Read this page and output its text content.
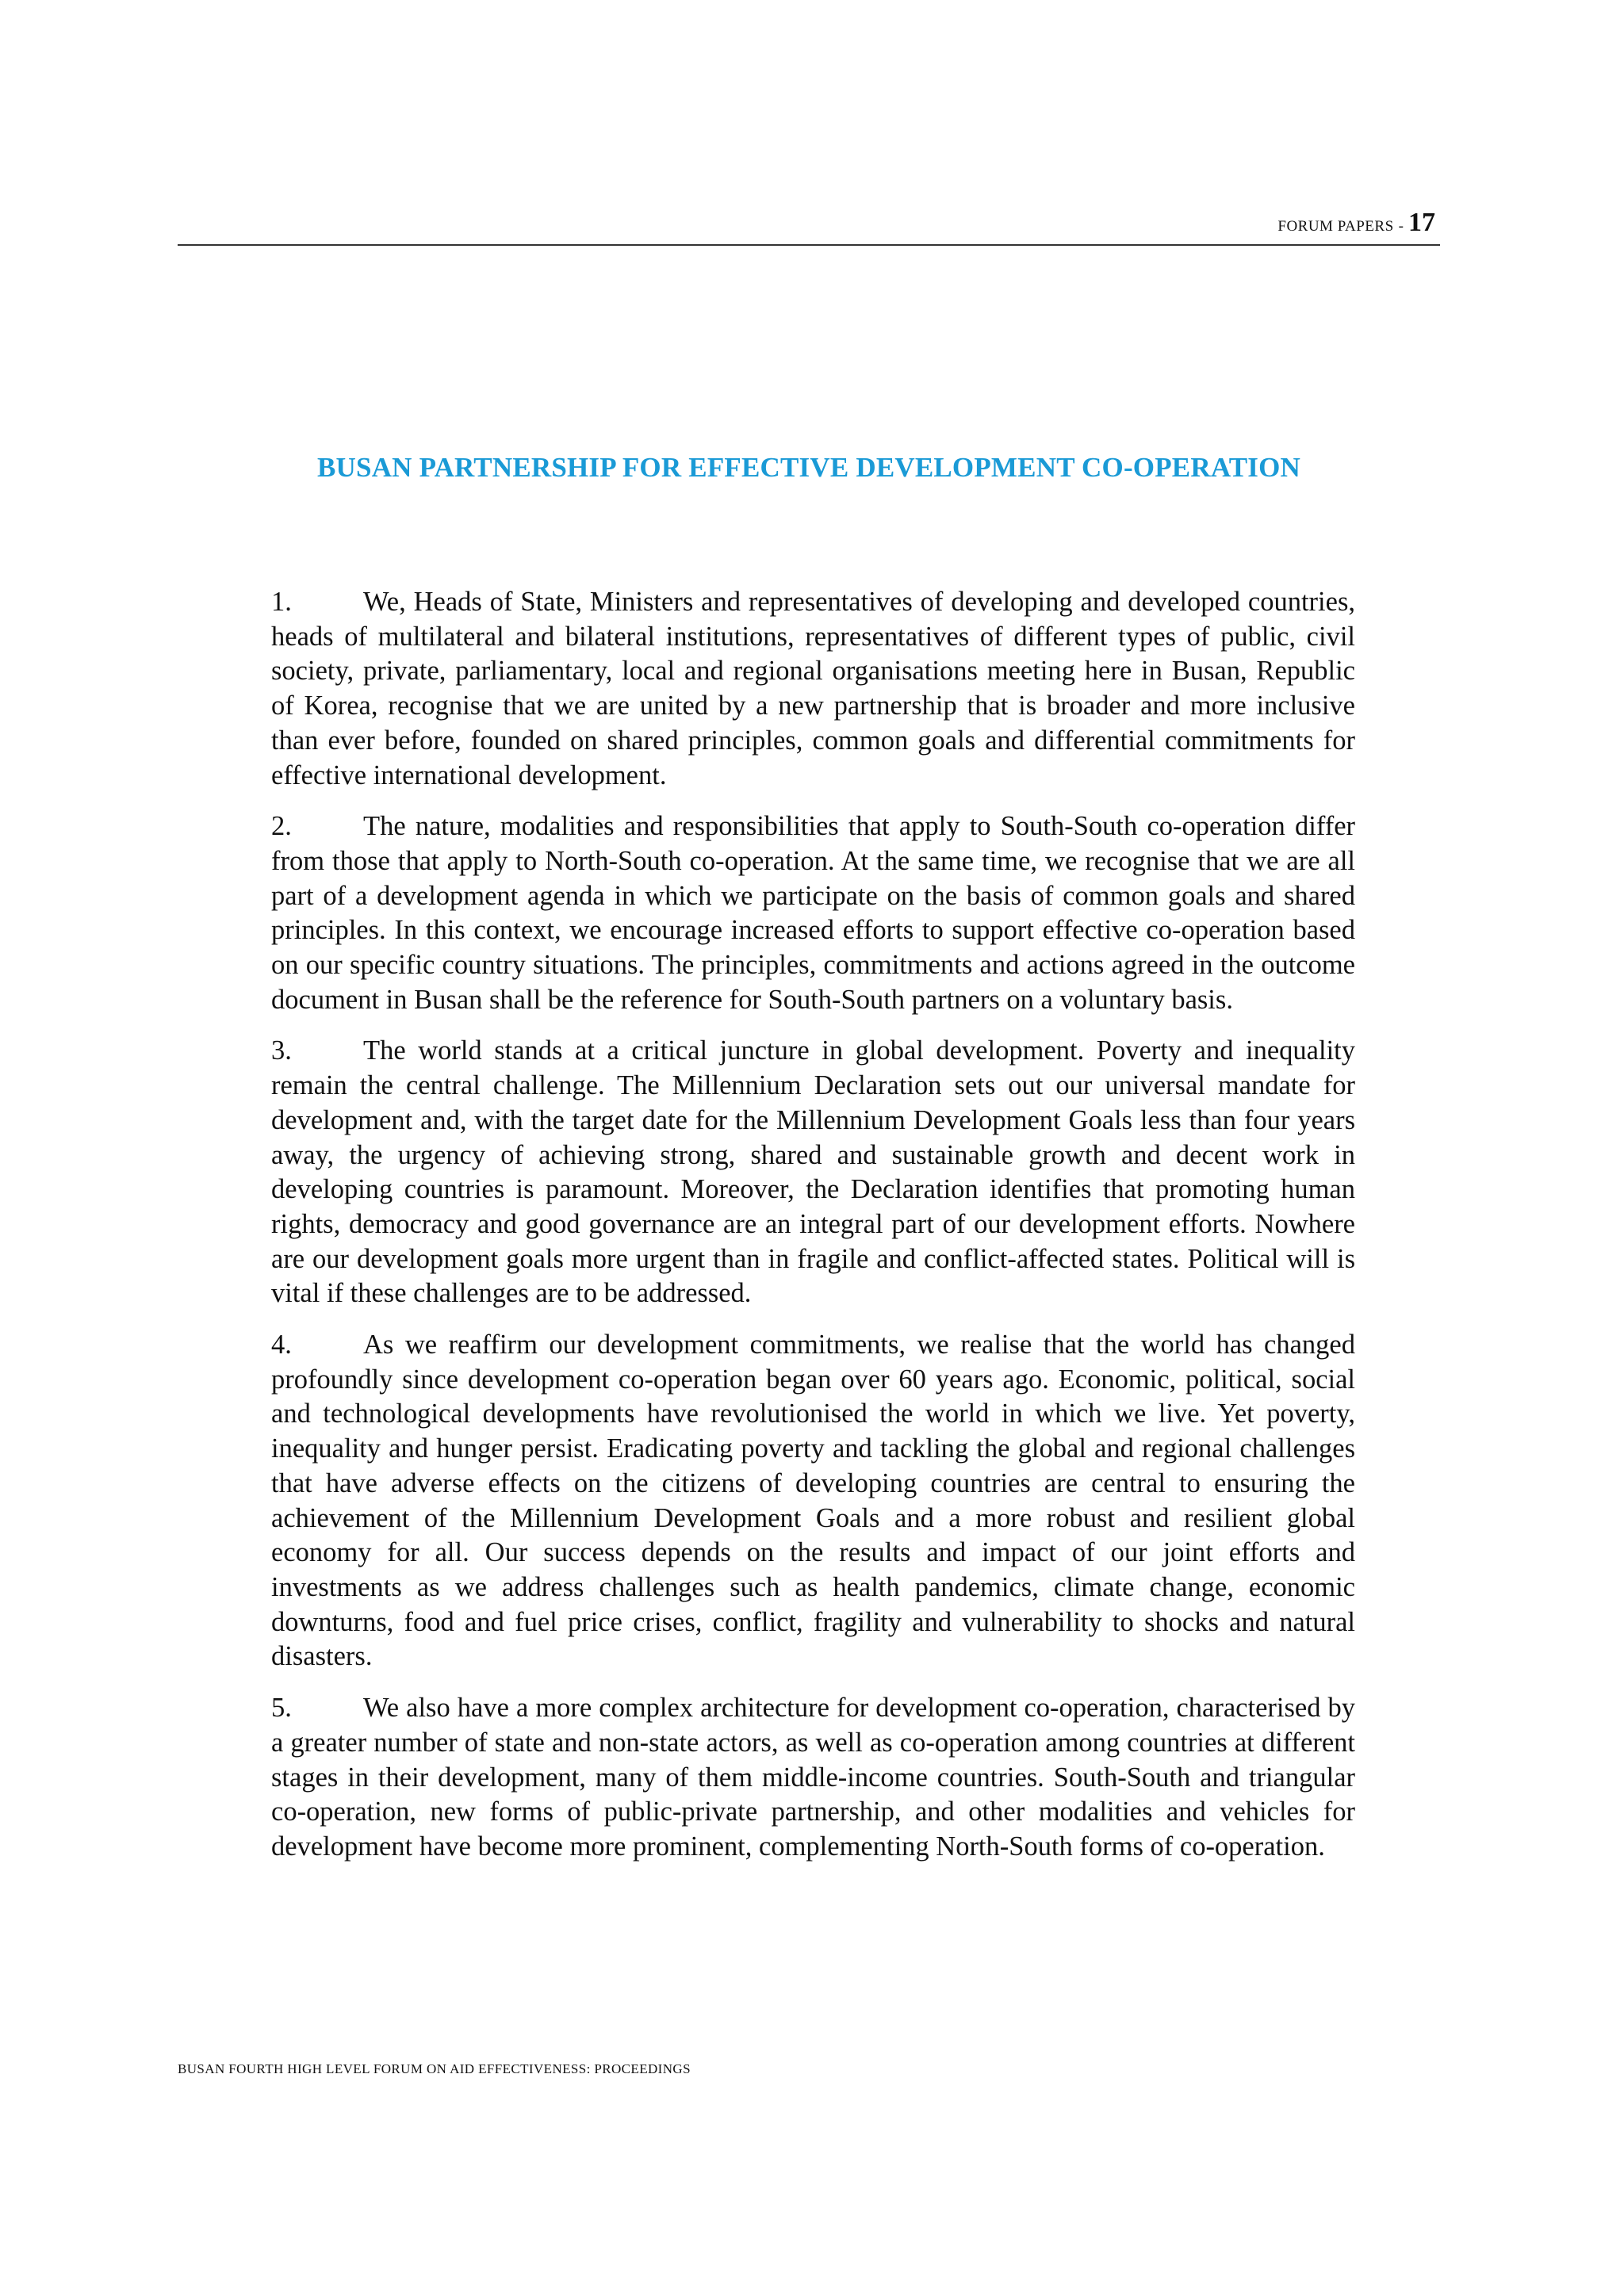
FORUM PAPERS - 17
BUSAN PARTNERSHIP FOR EFFECTIVE DEVELOPMENT CO-OPERATION

1.	We, Heads of State, Ministers and representatives of developing and developed countries, heads of multilateral and bilateral institutions, representatives of different types of public, civil society, private, parliamentary, local and regional organisations meeting here in Busan, Republic of Korea, recognise that we are united by a new partnership that is broader and more inclusive than ever before, founded on shared principles, common goals and differential commitments for effective international development.

2.	The nature, modalities and responsibilities that apply to South-South co-operation differ from those that apply to North-South co-operation. At the same time, we recognise that we are all part of a development agenda in which we participate on the basis of common goals and shared principles. In this context, we encourage increased efforts to support effective co-operation based on our specific country situations. The principles, commitments and actions agreed in the outcome document in Busan shall be the reference for South-South partners on a voluntary basis.

3.	The world stands at a critical juncture in global development. Poverty and inequality remain the central challenge. The Millennium Declaration sets out our universal mandate for development and, with the target date for the Millennium Development Goals less than four years away, the urgency of achieving strong, shared and sustainable growth and decent work in developing countries is paramount. Moreover, the Declaration identifies that promoting human rights, democracy and good governance are an integral part of our development efforts. Nowhere are our development goals more urgent than in fragile and conflict-affected states. Political will is vital if these challenges are to be addressed.

4.	As we reaffirm our development commitments, we realise that the world has changed profoundly since development co-operation began over 60 years ago. Economic, political, social and technological developments have revolutionised the world in which we live. Yet poverty, inequality and hunger persist. Eradicating poverty and tackling the global and regional challenges that have adverse effects on the citizens of developing countries are central to ensuring the achievement of the Millennium Development Goals and a more robust and resilient global economy for all. Our success depends on the results and impact of our joint efforts and investments as we address challenges such as health pandemics, climate change, economic downturns, food and fuel price crises, conflict, fragility and vulnerability to shocks and natural disasters.

5.	We also have a more complex architecture for development co-operation, characterised by a greater number of state and non-state actors, as well as co-operation among countries at different stages in their development, many of them middle-income countries. South-South and triangular co-operation, new forms of public-private partnership, and other modalities and vehicles for development have become more prominent, complementing North-South forms of co-operation.

BUSAN FOURTH HIGH LEVEL FORUM ON AID EFFECTIVENESS: PROCEEDINGS
